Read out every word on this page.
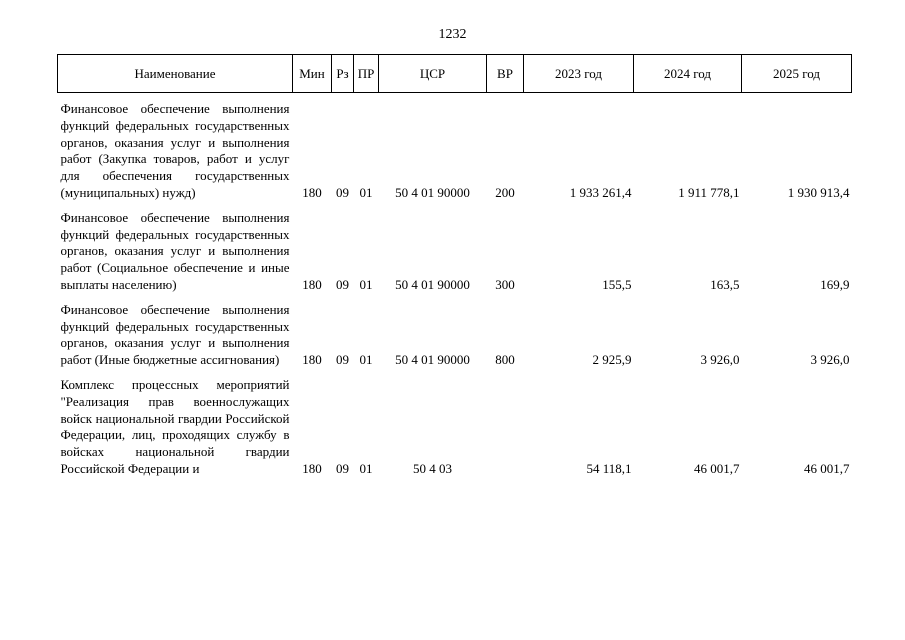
1232
Наименование	Мин	Рз	ПР	ЦСР	ВР	2023 год	2024 год	2025 год
Финансовое обеспечение выполнения функций федеральных государственных органов, оказания услуг и выполнения работ (Закупка товаров, работ и услуг для обеспечения государственных (муниципальных) нужд)	180	09	01	50 4 01 90000	200	1 933 261,4	1 911 778,1	1 930 913,4
Финансовое обеспечение выполнения функций федеральных государственных органов, оказания услуг и выполнения работ (Социальное обеспечение и иные выплаты населению)	180	09	01	50 4 01 90000	300	155,5	163,5	169,9
Финансовое обеспечение выполнения функций федеральных государственных органов, оказания услуг и выполнения работ (Иные бюджетные ассигнования)	180	09	01	50 4 01 90000	800	2 925,9	3 926,0	3 926,0
Комплекс процессных мероприятий "Реализация прав военнослужащих войск национальной гвардии Российской Федерации, лиц, проходящих службу в войсках национальной гвардии Российской Федерации и	180	09	01	50 4 03		54 118,1	46 001,7	46 001,7
